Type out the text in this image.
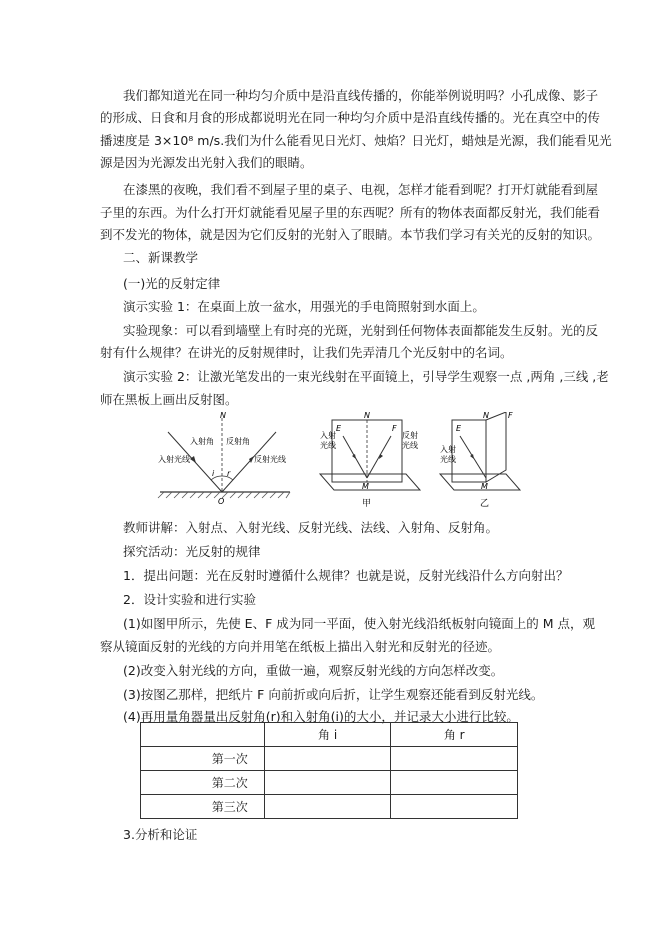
我们都知道光在同一种均匀介质中是沿直线传播的，你能举例说明吗？小孔成像、影子
的形成、日食和月食的形成都说明光在同一种均匀介质中是沿直线传播的。光在真空中的传
播速度是 3×10⁸ m/s.我们为什么能看见日光灯、烛焰？日光灯，蜡烛是光源，我们能看见光
源是因为光源发出光射入我们的眼睛。
在漆黑的夜晚，我们看不到屋子里的桌子、电视，怎样才能看到呢？打开灯就能看到屋
子里的东西。为什么打开灯就能看见屋子里的东西呢？所有的物体表面都反射光，我们能看
到不发光的物体，就是因为它们反射的光射入了眼睛。本节我们学习有关光的反射的知识。
二、新课教学
(一)光的反射定律
演示实验 1：在桌面上放一盆水，用强光的手电筒照射到水面上。
实验现象：可以看到墙壁上有时亮的光斑，光射到任何物体表面都能发生反射。光的反
射有什么规律？在讲光的反射规律时，让我们先弄清几个光反射中的名词。
演示实验 2：让激光笔发出的一束光线射在平面镜上，引导学生观察一点 ,两角 ,三线 ,老
师在黑板上画出反射图。
N
入射角 反射角
入射光线	反射光线
i r
O
E
N
F
入射
光线
反射
光线
M
甲
E
N F
入射
光线
M
乙
教师讲解：入射点、入射光线、反射光线、法线、入射角、反射角。
探究活动：光反射的规律
1．提出问题：光在反射时遵循什么规律？也就是说，反射光线沿什么方向射出？
2．设计实验和进行实验
(1)如图甲所示，先使 E、F 成为同一平面，使入射光线沿纸板射向镜面上的 M 点，观
察从镜面反射的光线的方向并用笔在纸板上描出入射光和反射光的径迹。
(2)改变入射光线的方向，重做一遍，观察反射光线的方向怎样改变。
(3)按图乙那样，把纸片 F 向前折或向后折，让学生观察还能看到反射光线。
(4)再用量角器量出反射角(r)和入射角(i)的大小，并记录大小进行比较。
	角 i	角 r
第一次		
第二次		
第三次		
3.分析和论证
